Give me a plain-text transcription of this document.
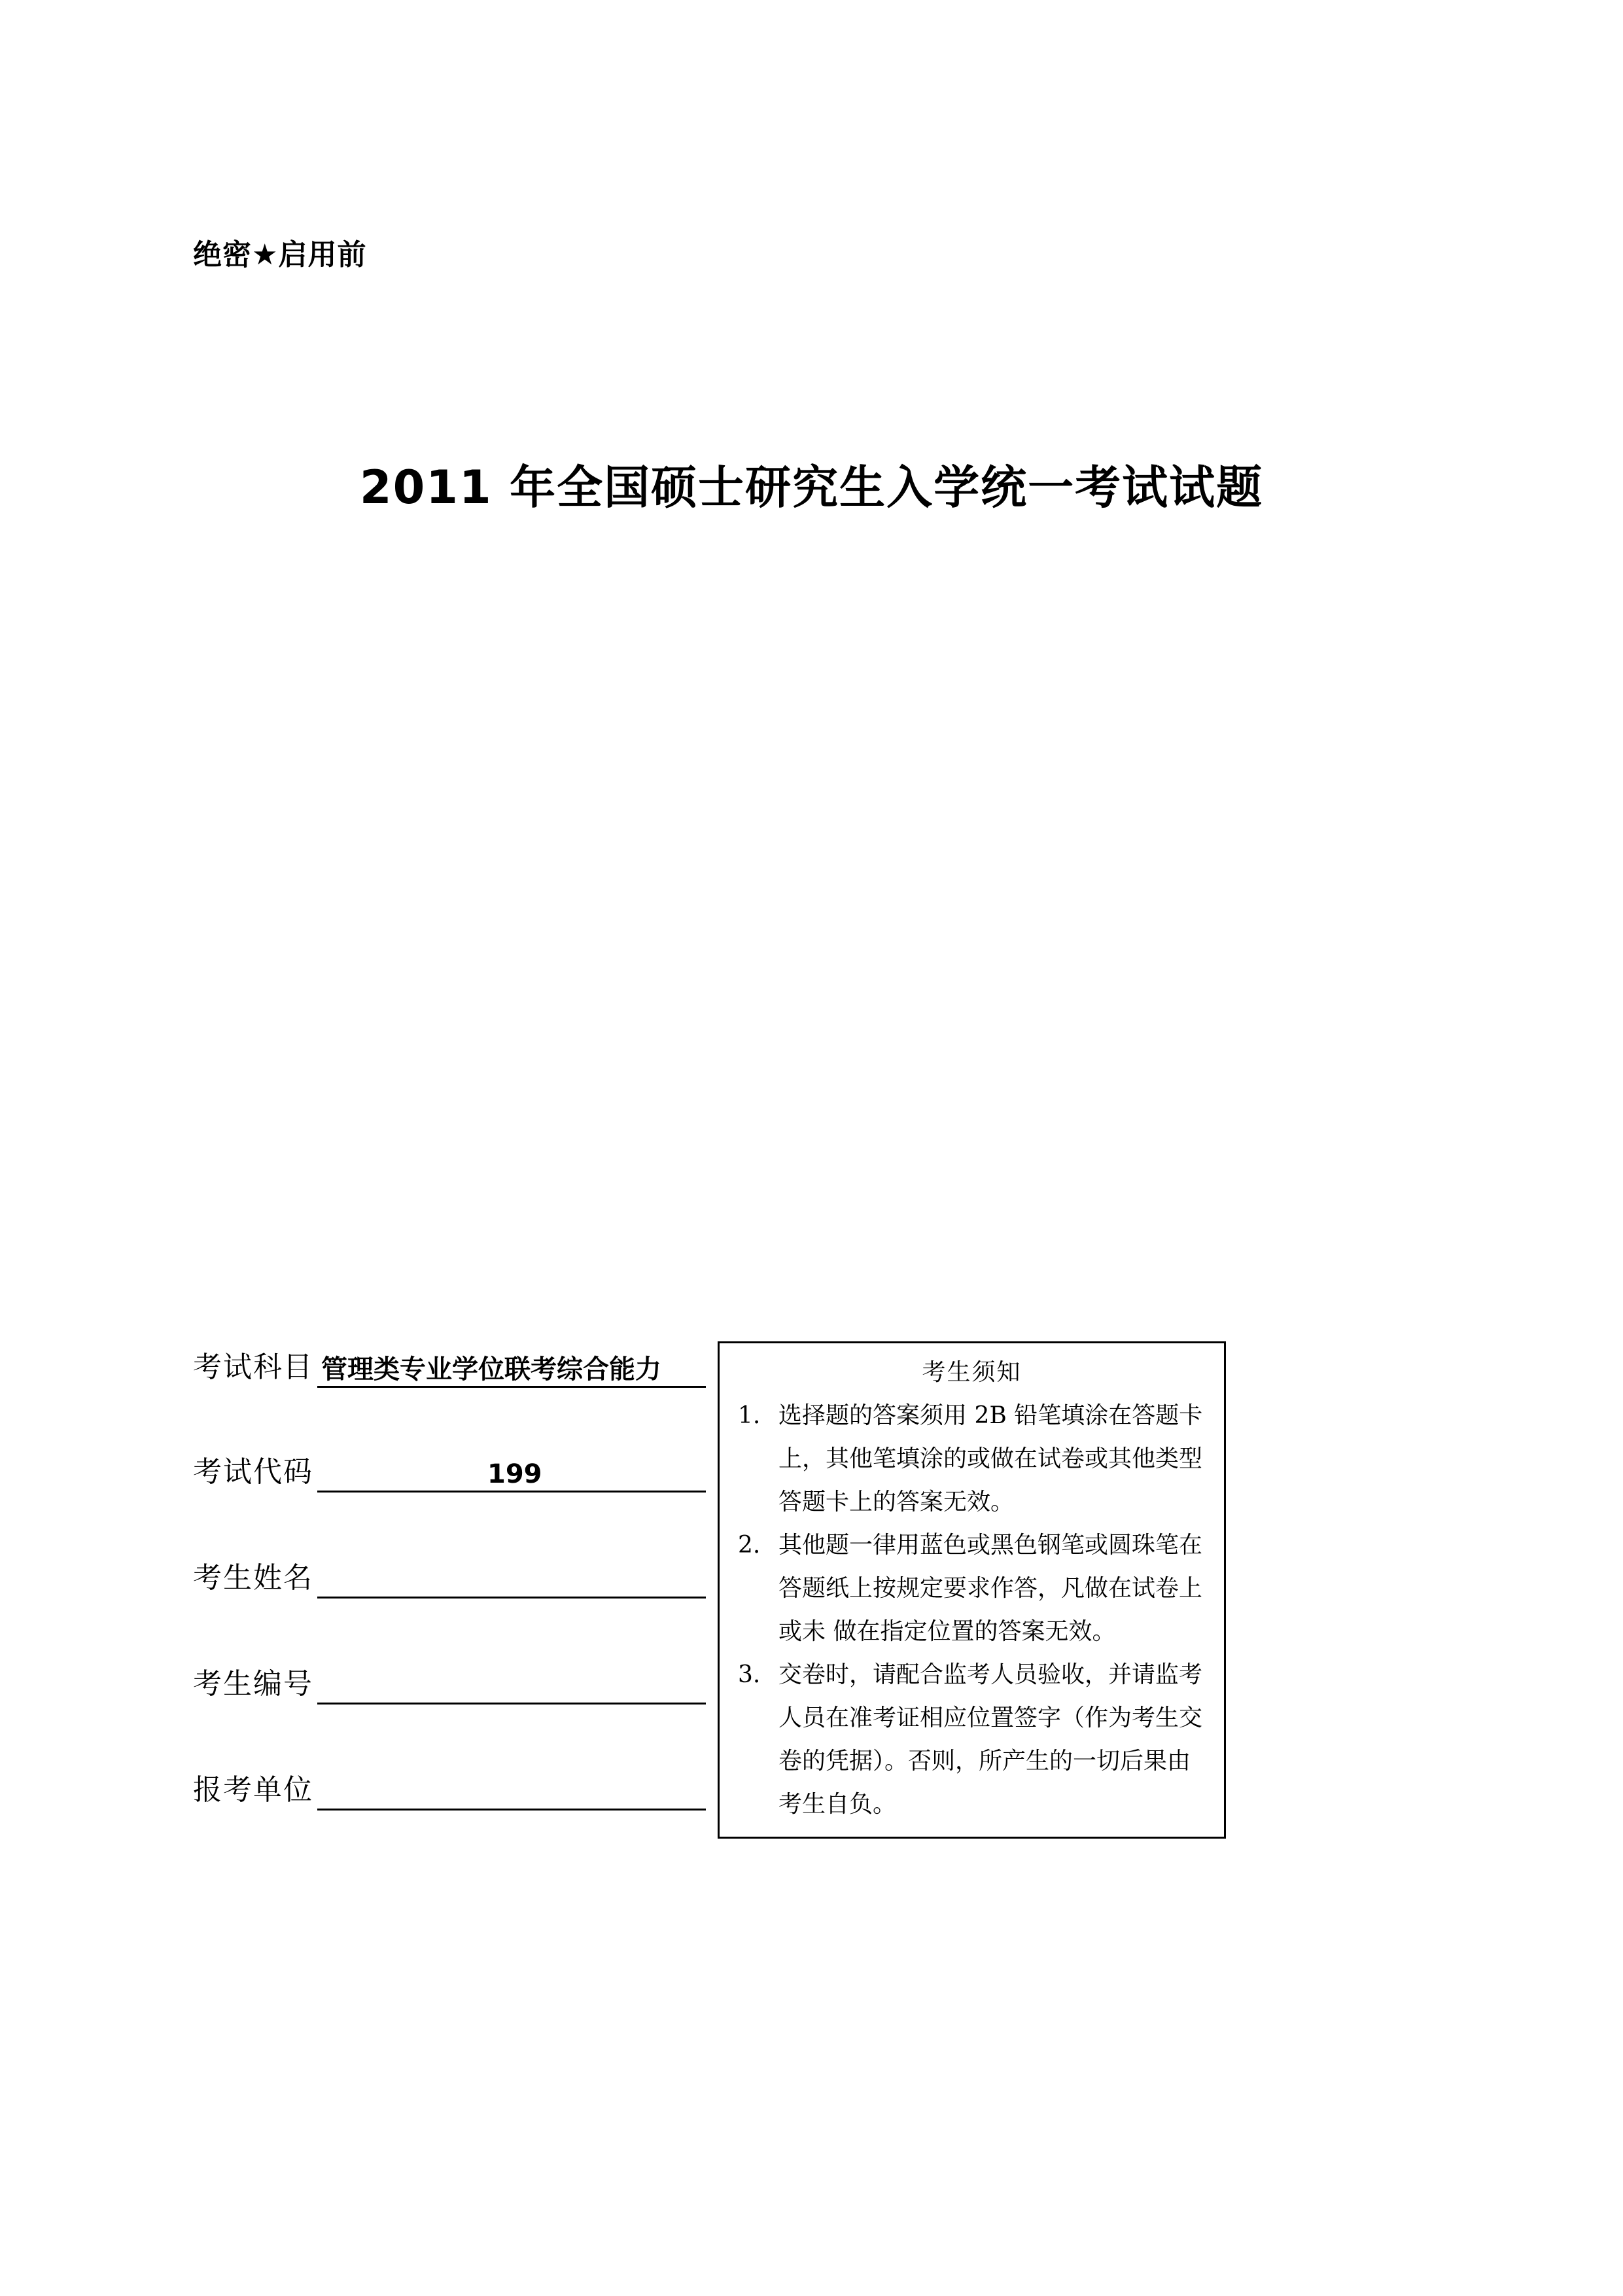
绝密★启用前
2011 年全国硕士研究生入学统一考试试题
考试科目 管理类专业学位联考综合能力
考试代码	199
考生姓名
考生编号
报考单位
考生须知
1. 选择题的答案须用 2B 铅笔填涂在答题卡上，其他笔填涂的或做在试卷或其他类型答题卡上的答案无效。
2. 其他题一律用蓝色或黑色钢笔或圆珠笔在答题纸上按规定要求作答，凡做在试卷上或未 做在指定位置的答案无效。
3. 交卷时，请配合监考人员验收，并请监考人员在准考证相应位置签字（作为考生交卷的凭据）。否则，所产生的一切后果由考生自负。
